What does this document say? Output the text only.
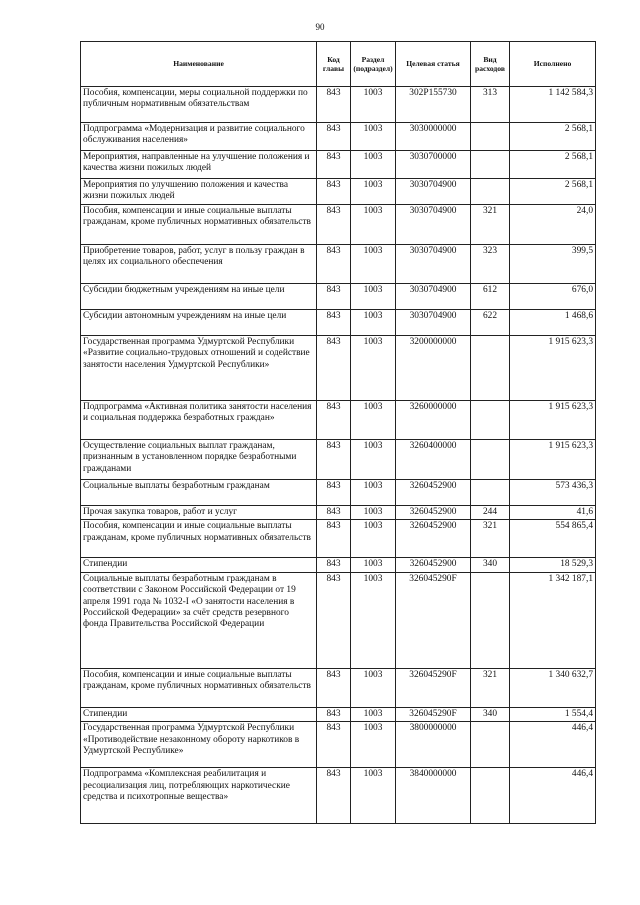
90
Наименование	Код главы	Раздел (подраздел)	Целевая статья	Вид расходов	Исполнено
Пособия, компенсации, меры социальной поддержки по публичным нормативным обязательствам	843	1003	302Р155730	313	1 142 584,3
Подпрограмма «Модернизация и развитие социального обслуживания населения»	843	1003	3030000000		2 568,1
Мероприятия, направленные на улучшение положения и качества жизни пожилых людей	843	1003	3030700000		2 568,1
Мероприятия по улучшению положения и качества жизни пожилых людей	843	1003	3030704900		2 568,1
Пособия, компенсации и иные социальные выплаты гражданам, кроме публичных нормативных обязательств	843	1003	3030704900	321	24,0
Приобретение товаров, работ, услуг в пользу граждан в целях их социального обеспечения	843	1003	3030704900	323	399,5
Субсидии бюджетным учреждениям на иные цели	843	1003	3030704900	612	676,0
Субсидии автономным учреждениям на иные цели	843	1003	3030704900	622	1 468,6
Государственная программа Удмуртской Республики «Развитие социально-трудовых отношений и содействие занятости населения Удмуртской Республики»	843	1003	3200000000		1 915 623,3
Подпрограмма «Активная политика занятости населения и социальная поддержка безработных граждан»	843	1003	3260000000		1 915 623,3
Осуществление социальных выплат гражданам, признанным в установленном порядке безработными гражданами	843	1003	3260400000		1 915 623,3
Социальные выплаты безработным гражданам	843	1003	3260452900		573 436,3
Прочая закупка товаров, работ и услуг	843	1003	3260452900	244	41,6
Пособия, компенсации и иные социальные выплаты гражданам, кроме публичных нормативных обязательств	843	1003	3260452900	321	554 865,4
Стипендии	843	1003	3260452900	340	18 529,3
Социальные выплаты безработным гражданам в соответствии с Законом Российской Федерации от 19 апреля 1991 года № 1032-I «О занятости населения в Российской Федерации» за счёт средств резервного фонда Правительства Российской Федерации	843	1003	326045290F		1 342 187,1
Пособия, компенсации и иные социальные выплаты гражданам, кроме публичных нормативных обязательств	843	1003	326045290F	321	1 340 632,7
Стипендии	843	1003	326045290F	340	1 554,4
Государственная программа Удмуртской Республики «Противодействие незаконному обороту наркотиков в Удмуртской Республике»	843	1003	3800000000		446,4
Подпрограмма «Комплексная реабилитация и ресоциализация лиц, потребляющих наркотические средства и психотропные вещества»	843	1003	3840000000		446,4
